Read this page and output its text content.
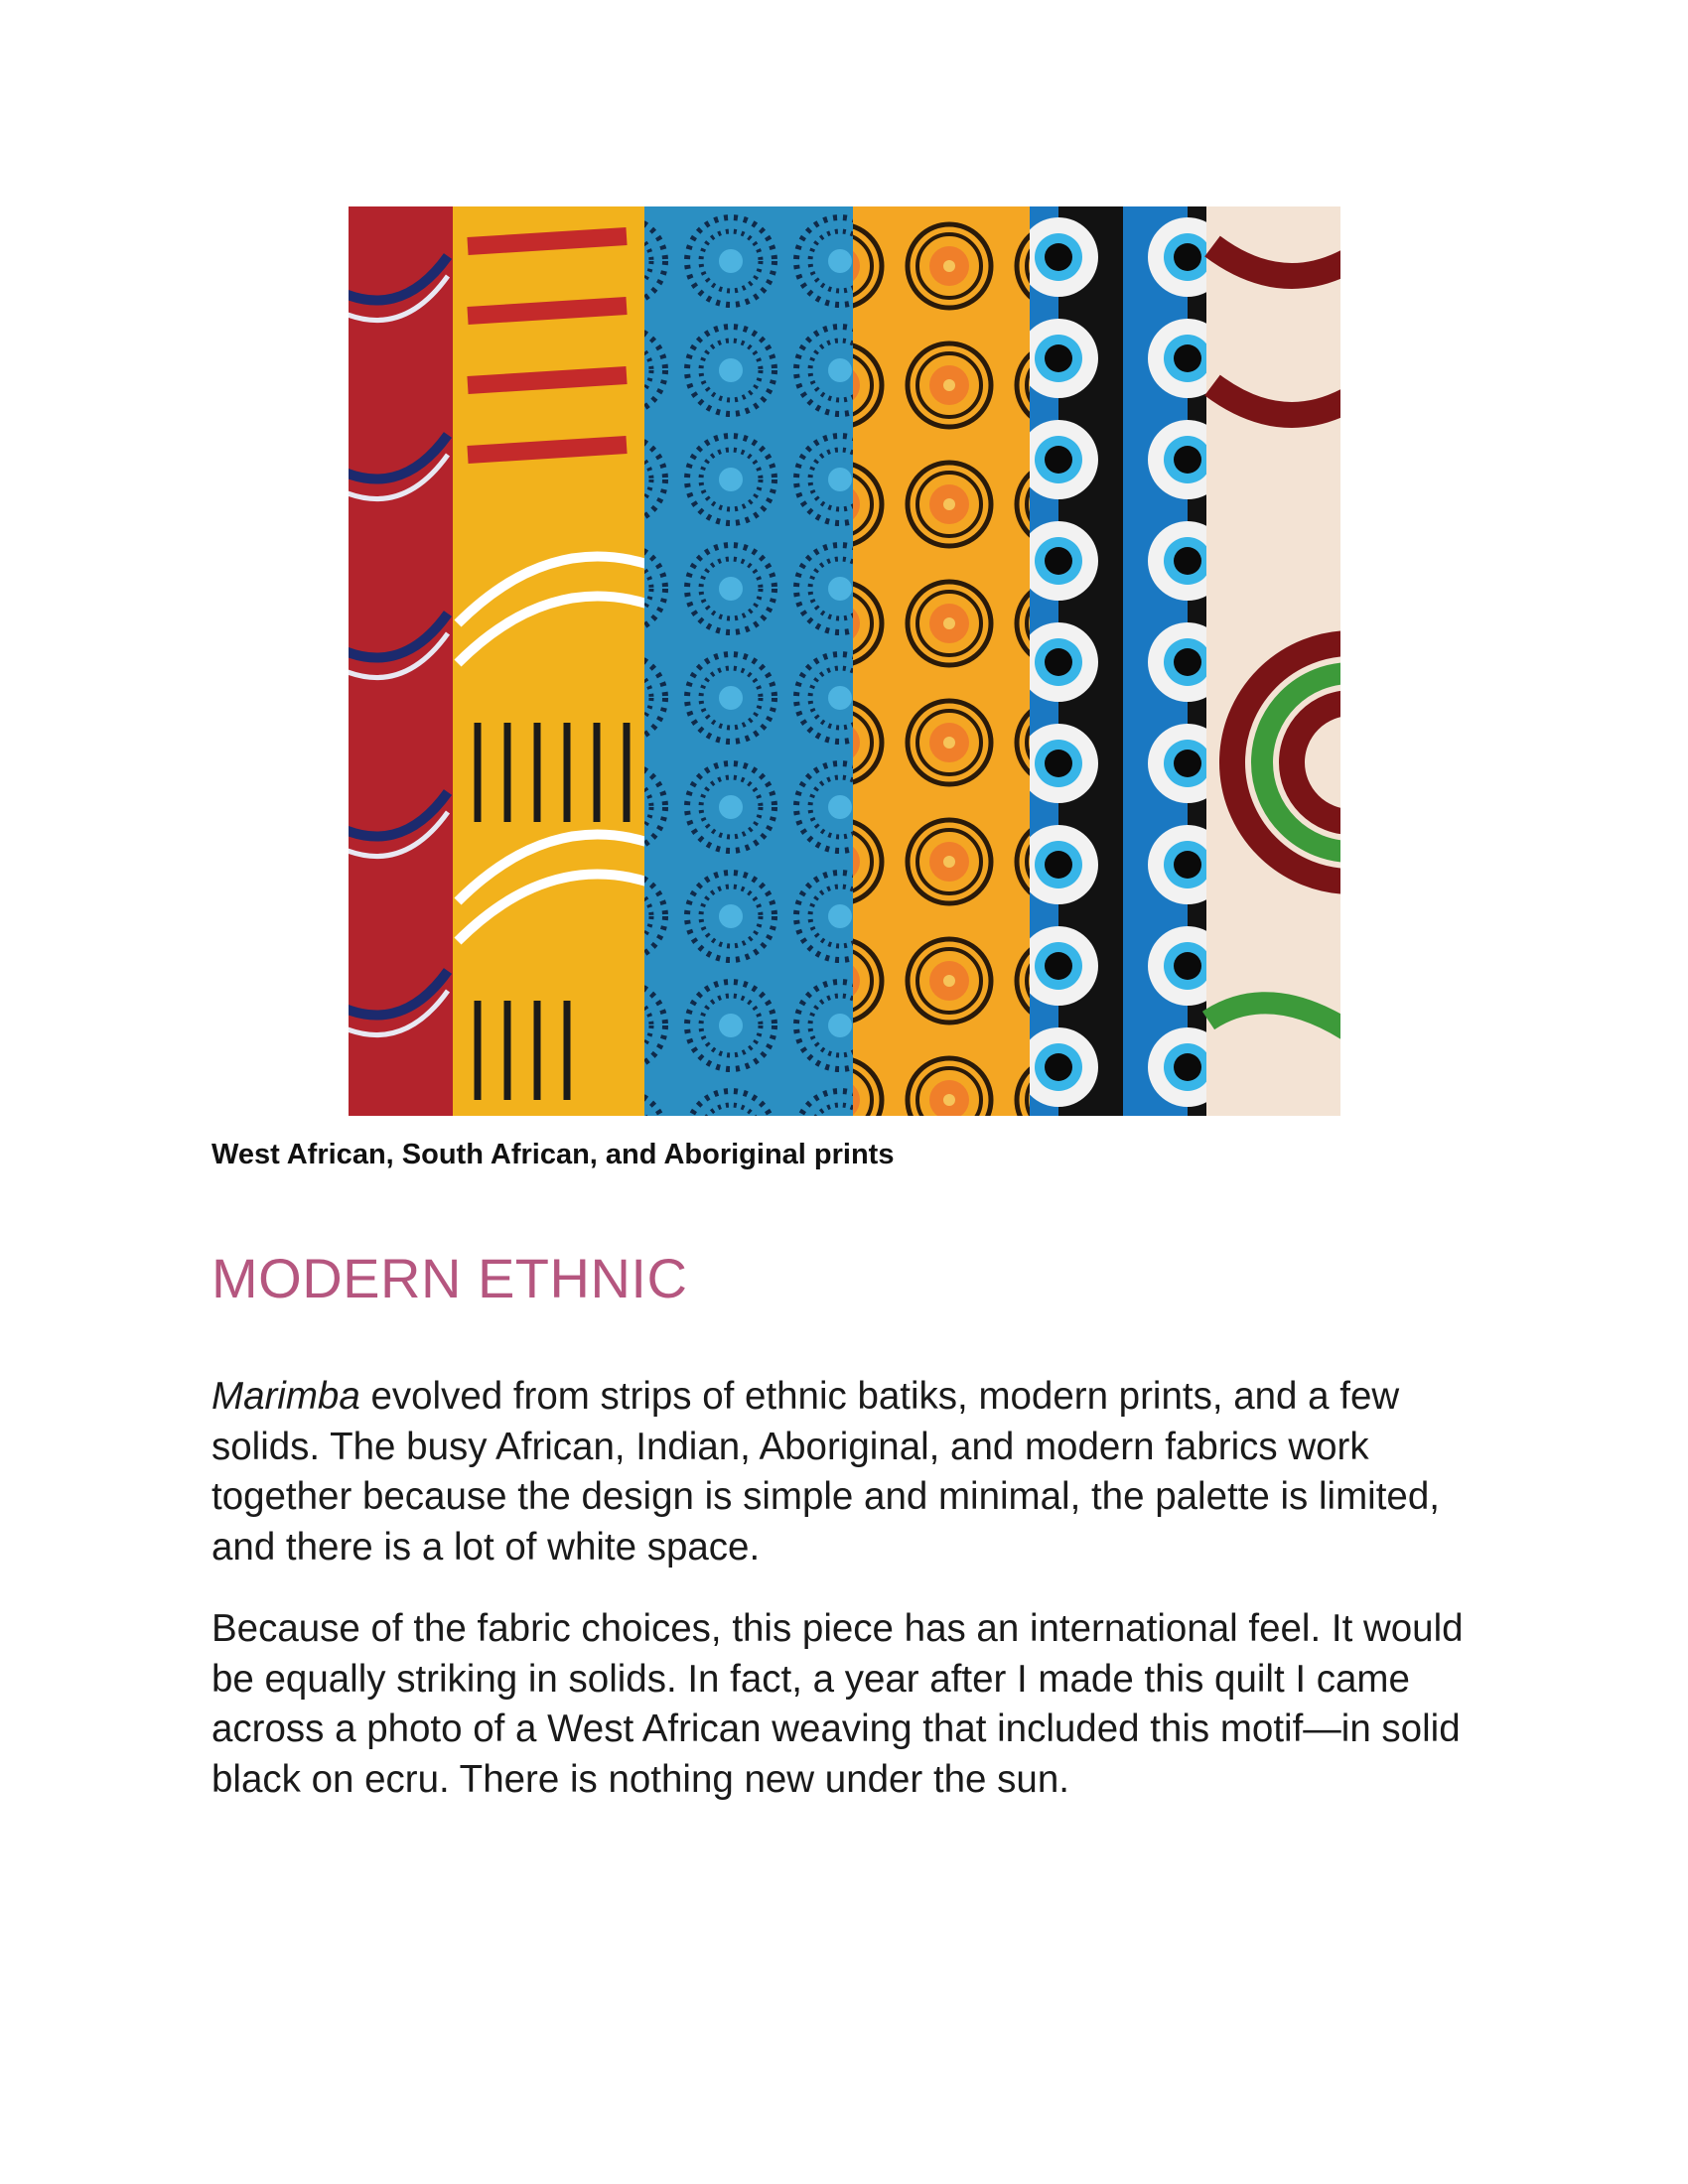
West African, South African, and Aboriginal prints

MODERN ETHNIC

Marimba evolved from strips of ethnic batiks, modern prints, and a few solids. The busy African, Indian, Aboriginal, and modern fabrics work together because the design is simple and minimal, the palette is limited, and there is a lot of white space.

Because of the fabric choices, this piece has an international feel. It would be equally striking in solids. In fact, a year after I made this quilt I came across a photo of a West African weaving that included this motif—in solid black on ecru. There is nothing new under the sun.
